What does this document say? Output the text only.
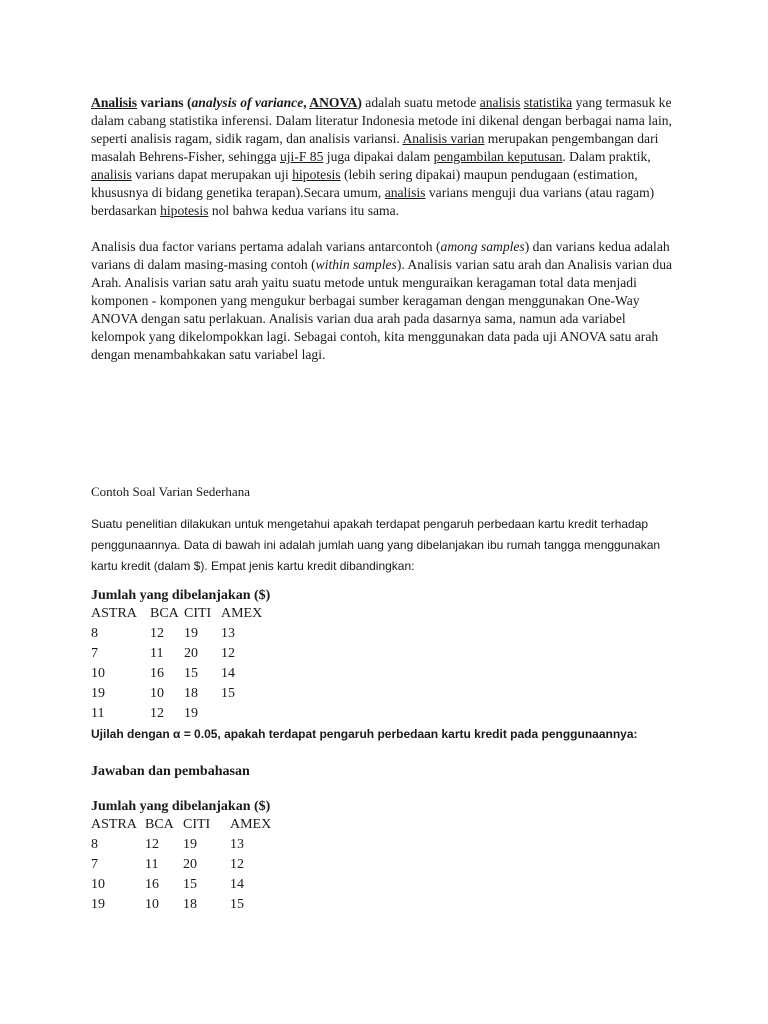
Analisis varians (analysis of variance, ANOVA) adalah suatu metode analisis statistika yang termasuk ke dalam cabang statistika inferensi. Dalam literatur Indonesia metode ini dikenal dengan berbagai nama lain, seperti analisis ragam, sidik ragam, dan analisis variansi. Analisis varian merupakan pengembangan dari masalah Behrens-Fisher, sehingga uji-F 85 juga dipakai dalam pengambilan keputusan. Dalam praktik, analisis varians dapat merupakan uji hipotesis (lebih sering dipakai) maupun pendugaan (estimation, khususnya di bidang genetika terapan).Secara umum, analisis varians menguji dua varians (atau ragam) berdasarkan hipotesis nol bahwa kedua varians itu sama.

Analisis dua factor varians pertama adalah varians antarcontoh (among samples) dan varians kedua adalah varians di dalam masing-masing contoh (within samples). Analisis varian satu arah dan Analisis varian dua Arah. Analisis varian satu arah yaitu suatu metode untuk menguraikan keragaman total data menjadi komponen - komponen yang mengukur berbagai sumber keragaman dengan menggunakan One-Way ANOVA dengan satu perlakuan. Analisis varian dua arah pada dasarnya sama, namun ada variabel kelompok yang dikelompokkan lagi. Sebagai contoh, kita menggunakan data pada uji ANOVA satu arah dengan menambahkakan satu variabel lagi.

Contoh Soal Varian Sederhana
Suatu penelitian dilakukan untuk mengetahui apakah terdapat pengaruh perbedaan kartu kredit terhadap penggunaannya. Data di bawah ini adalah jumlah uang yang dibelanjakan ibu rumah tangga menggunakan kartu kredit (dalam $). Empat jenis kartu kredit dibandingkan:
Jumlah yang dibelanjakan ($)
ASTRA	BCA	CITI	AMEX
8	12	19	13
7	11	20	12
10	16	15	14
19	10	18	15
11	12	19	
Ujilah dengan α = 0.05, apakah terdapat pengaruh perbedaan kartu kredit pada penggunaannya:
Jawaban dan pembahasan
Jumlah yang dibelanjakan ($)
ASTRA	BCA	CITI	AMEX
8	12	19	13
7	11	20	12
10	16	15	14
19	10	18	15
